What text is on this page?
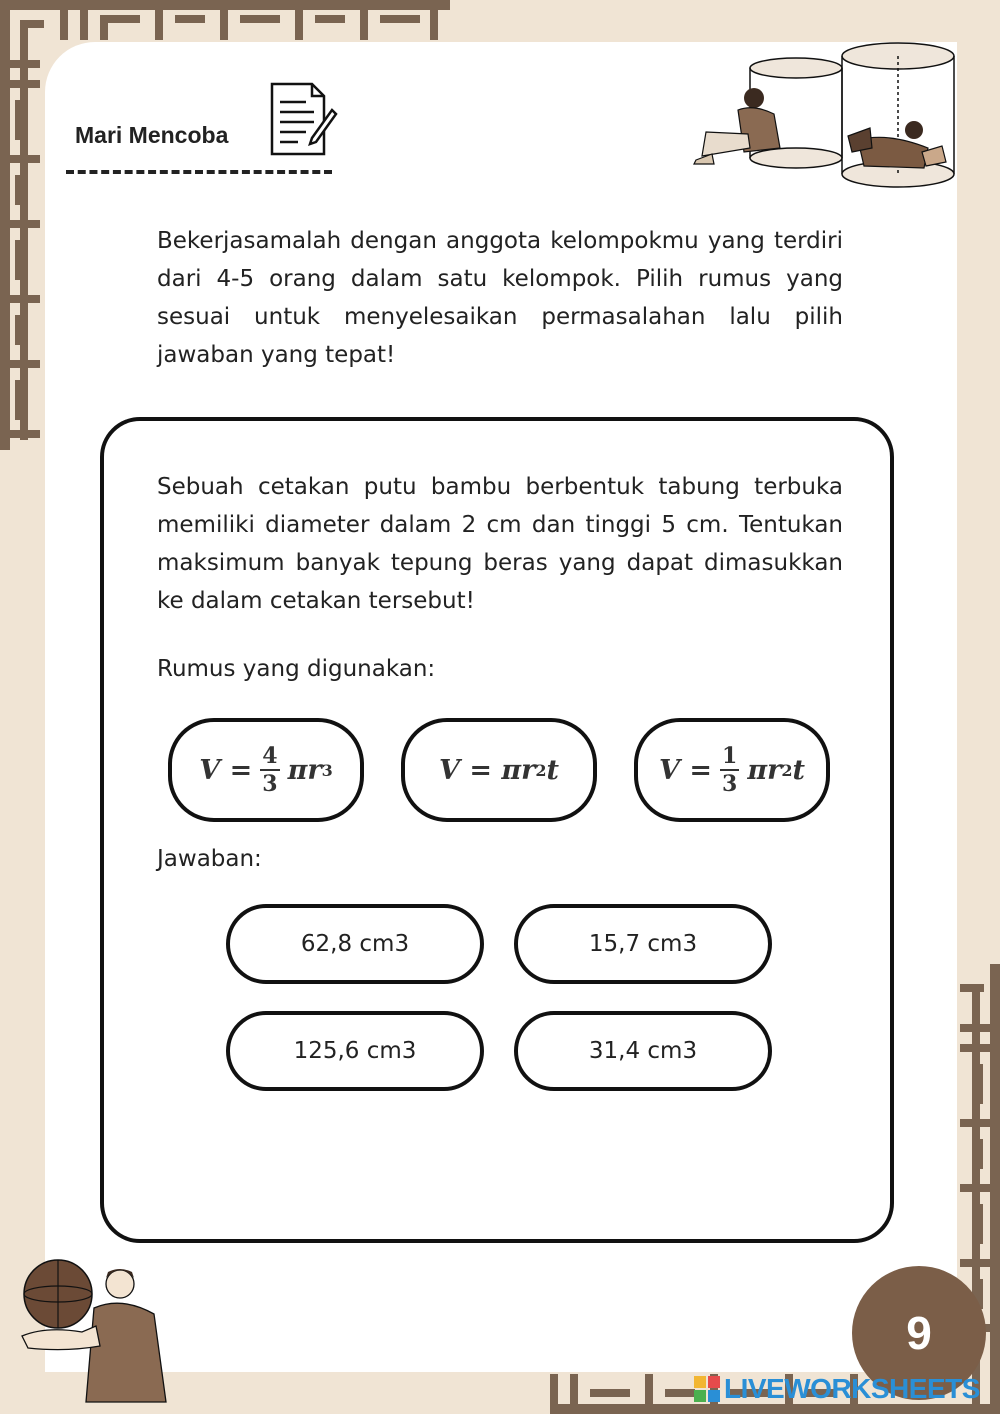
Mari Mencoba
Bekerjasamalah dengan anggota kelompokmu yang terdiri dari 4-5 orang dalam satu kelompok. Pilih rumus yang sesuai untuk menyelesaikan permasalahan lalu pilih jawaban yang tepat!
Sebuah cetakan putu bambu berbentuk tabung terbuka memiliki diameter dalam 2 cm dan tinggi 5 cm. Tentukan maksimum banyak tepung beras yang dapat dimasukkan ke dalam cetakan tersebut!
Rumus yang digunakan:
$V = \frac{4}{3}$ πr 3	V = πr 2 t	$V = \frac{1}{3}$ πr 2 t
Jawaban:
62,8 cm3	15,7 cm3
125,6 cm3	31,4 cm3
9
LIVEWORKSHEETS
